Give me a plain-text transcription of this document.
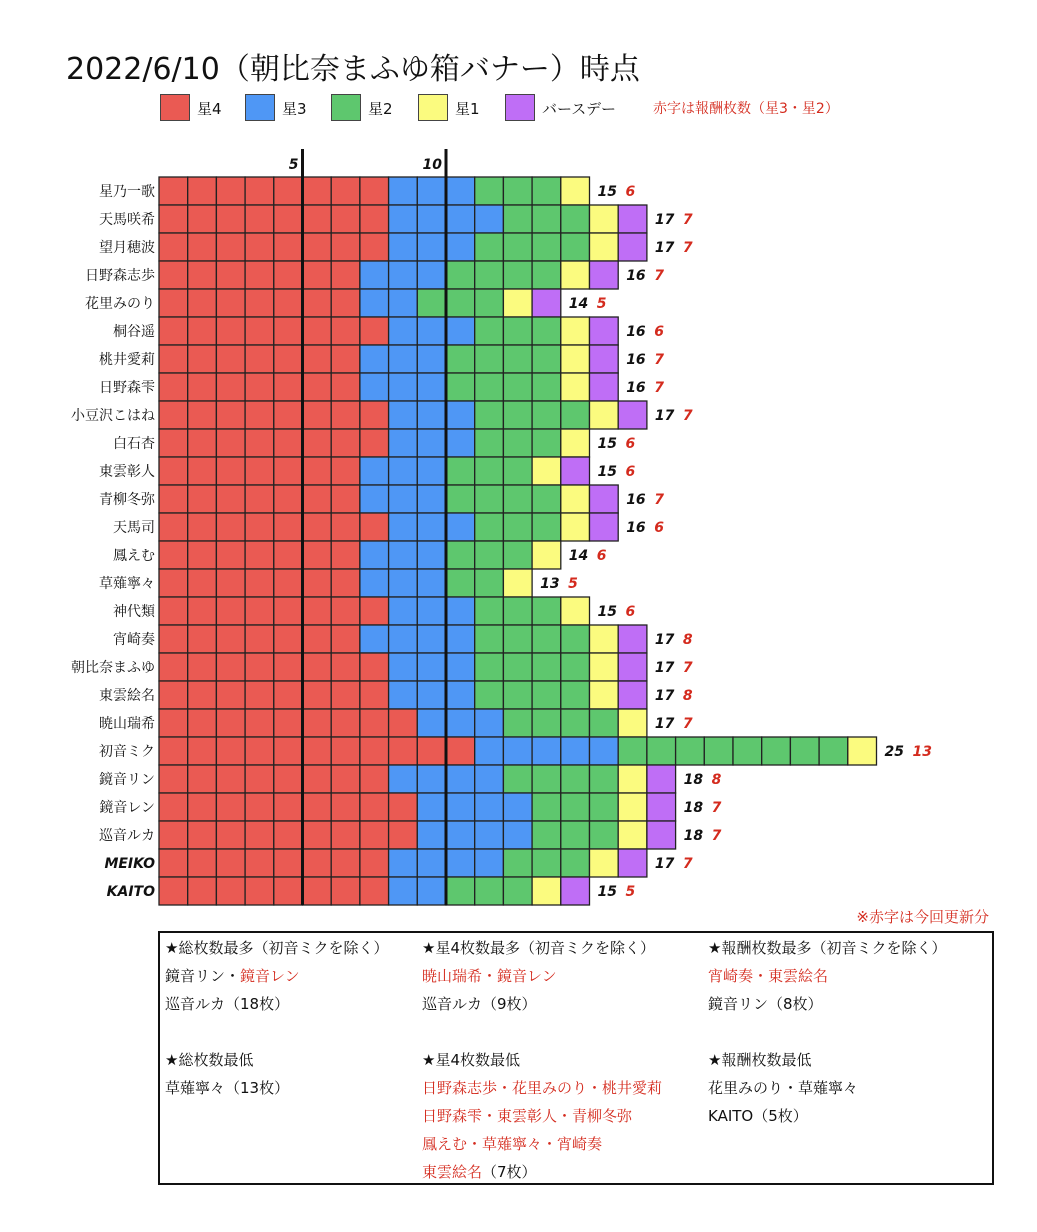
2022/6/10（朝比奈まふゆ箱バナー）時点
星4	星3	星2	星1	バースデー	赤字は報酬枚数（星3・星2）
星乃一歌	15 6
天馬咲希	17 7
望月穂波	17 7
日野森志歩	16 7
花里みのり	14 5
桐谷遥	16 6
桃井愛莉	16 7
日野森雫	16 7
小豆沢こはね	17 7
白石杏	15 6
東雲彰人	15 6
青柳冬弥	16 7
天馬司	16 6
鳳えむ	14 6
草薙寧々	13 5
神代類	15 6
宵崎奏	17 8
朝比奈まふゆ	17 7
東雲絵名	17 8
暁山瑞希	17 7
初音ミク	25 13
鏡音リン	18 8
鏡音レン	18 7
巡音ルカ	18 7
MEIKO	17 7
KAITO	15 5
5	10
※赤字は今回更新分
★総枚数最多（初音ミクを除く）
鏡音リン・鏡音レン
巡音ルカ（18枚）
★総枚数最低
草薙寧々（13枚）
★星4枚数最多（初音ミクを除く）
暁山瑞希・鏡音レン
巡音ルカ（9枚）
★星4枚数最低
日野森志歩・花里みのり・桃井愛莉
日野森雫・東雲彰人・青柳冬弥
鳳えむ・草薙寧々・宵崎奏
東雲絵名（7枚）
★報酬枚数最多（初音ミクを除く）
宵崎奏・東雲絵名
鏡音リン（8枚）
★報酬枚数最低
花里みのり・草薙寧々
KAITO（5枚）
